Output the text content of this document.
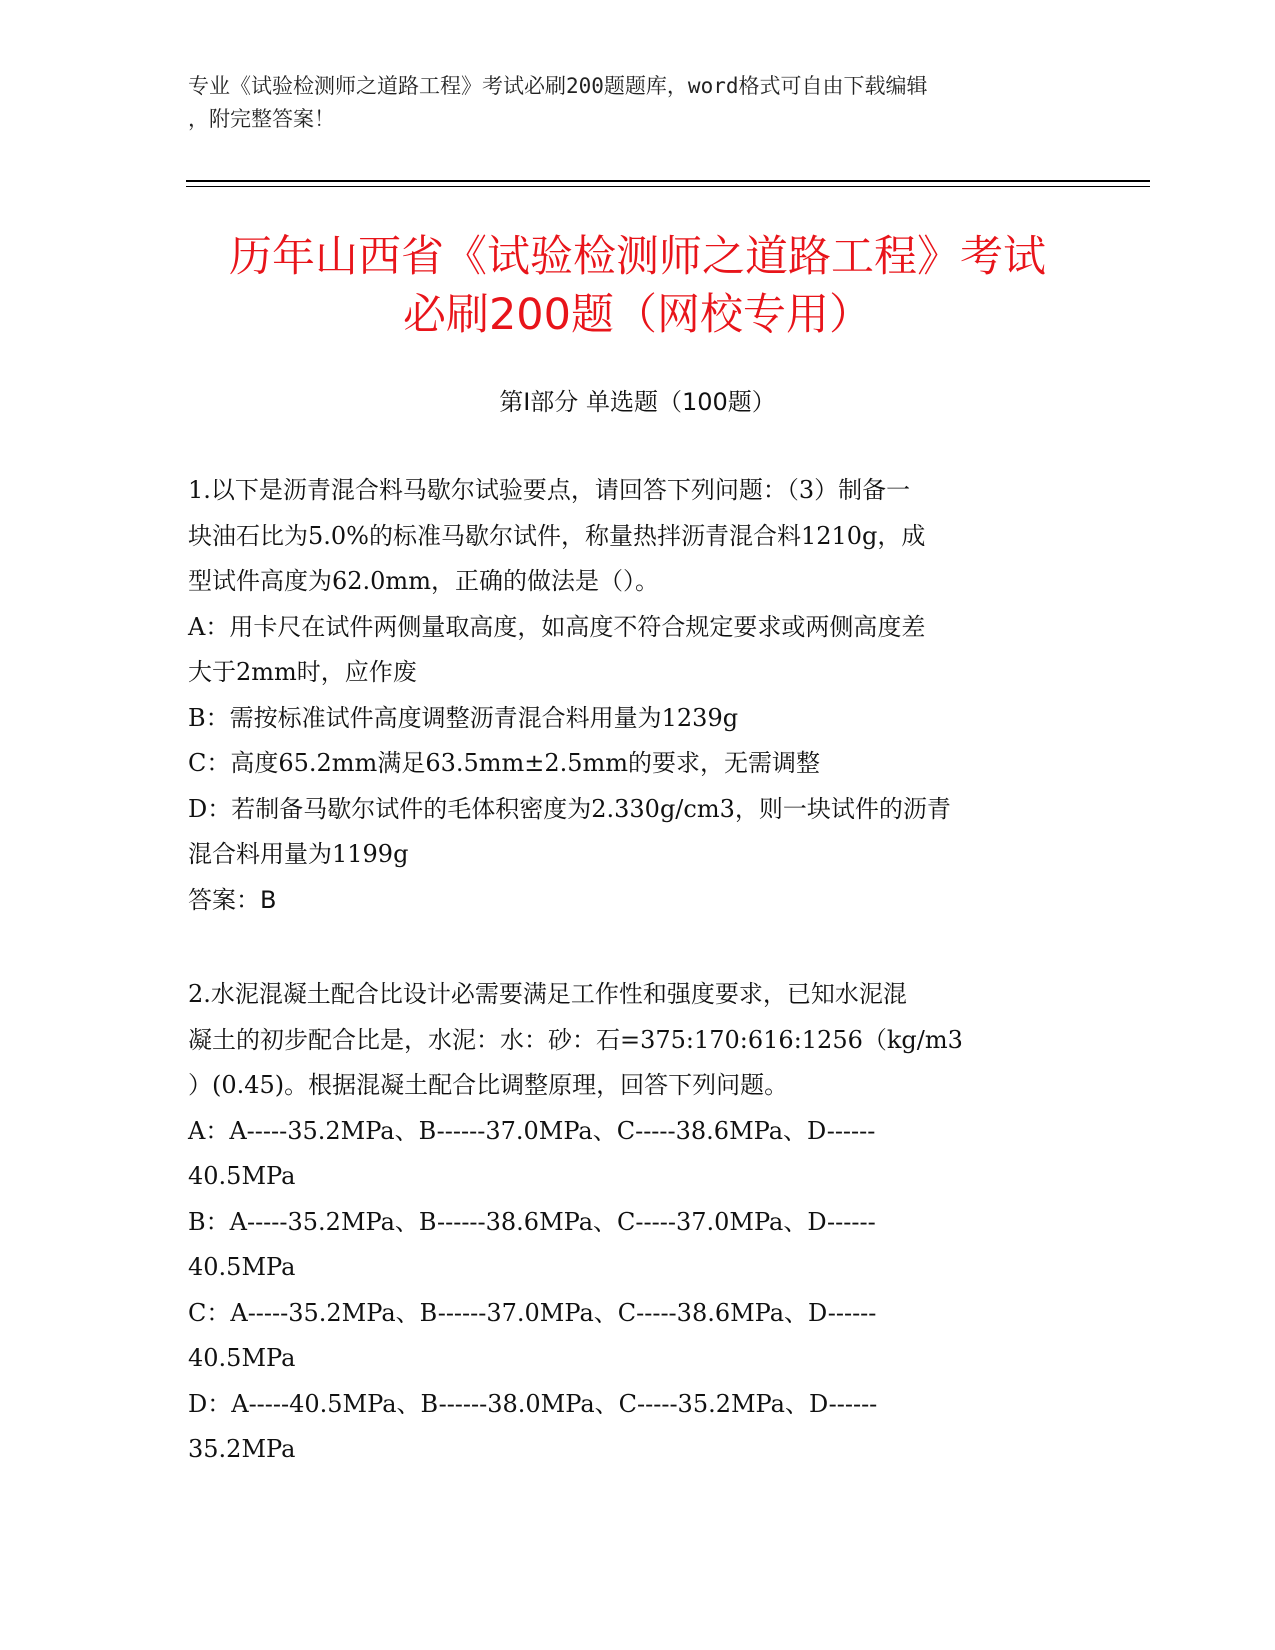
专业《试验检测师之道路工程》考试必刷200题题库，word格式可自由下载编辑
，附完整答案！
历年山西省《试验检测师之道路工程》考试
必刷200题（网校专用）
第I部分 单选题（100题）

1.以下是沥青混合料马歇尔试验要点，请回答下列问题：（3）制备一

块油石比为5.0%的标准马歇尔试件，称量热拌沥青混合料1210g，成

型试件高度为62.0mm，正确的做法是（）。

A：用卡尺在试件两侧量取高度，如高度不符合规定要求或两侧高度差

大于2mm时，应作废

B：需按标准试件高度调整沥青混合料用量为1239g

C：高度65.2mm满足63.5mm±2.5mm的要求，无需调整

D：若制备马歇尔试件的毛体积密度为2.330g/cm3，则一块试件的沥青

混合料用量为1199g

答案：B

2.水泥混凝土配合比设计必需要满足工作性和强度要求，已知水泥混

凝土的初步配合比是，水泥：水：砂：石=375:170:616:1256（kg/m3

）(0.45)。根据混凝土配合比调整原理，回答下列问题。

A：A-----35.2MPa、B------37.0MPa、C-----38.6MPa、D------

40.5MPa

B：A-----35.2MPa、B------38.6MPa、C-----37.0MPa、D------

40.5MPa

C：A-----35.2MPa、B------37.0MPa、C-----38.6MPa、D------

40.5MPa

D：A-----40.5MPa、B------38.0MPa、C-----35.2MPa、D------

35.2MPa
